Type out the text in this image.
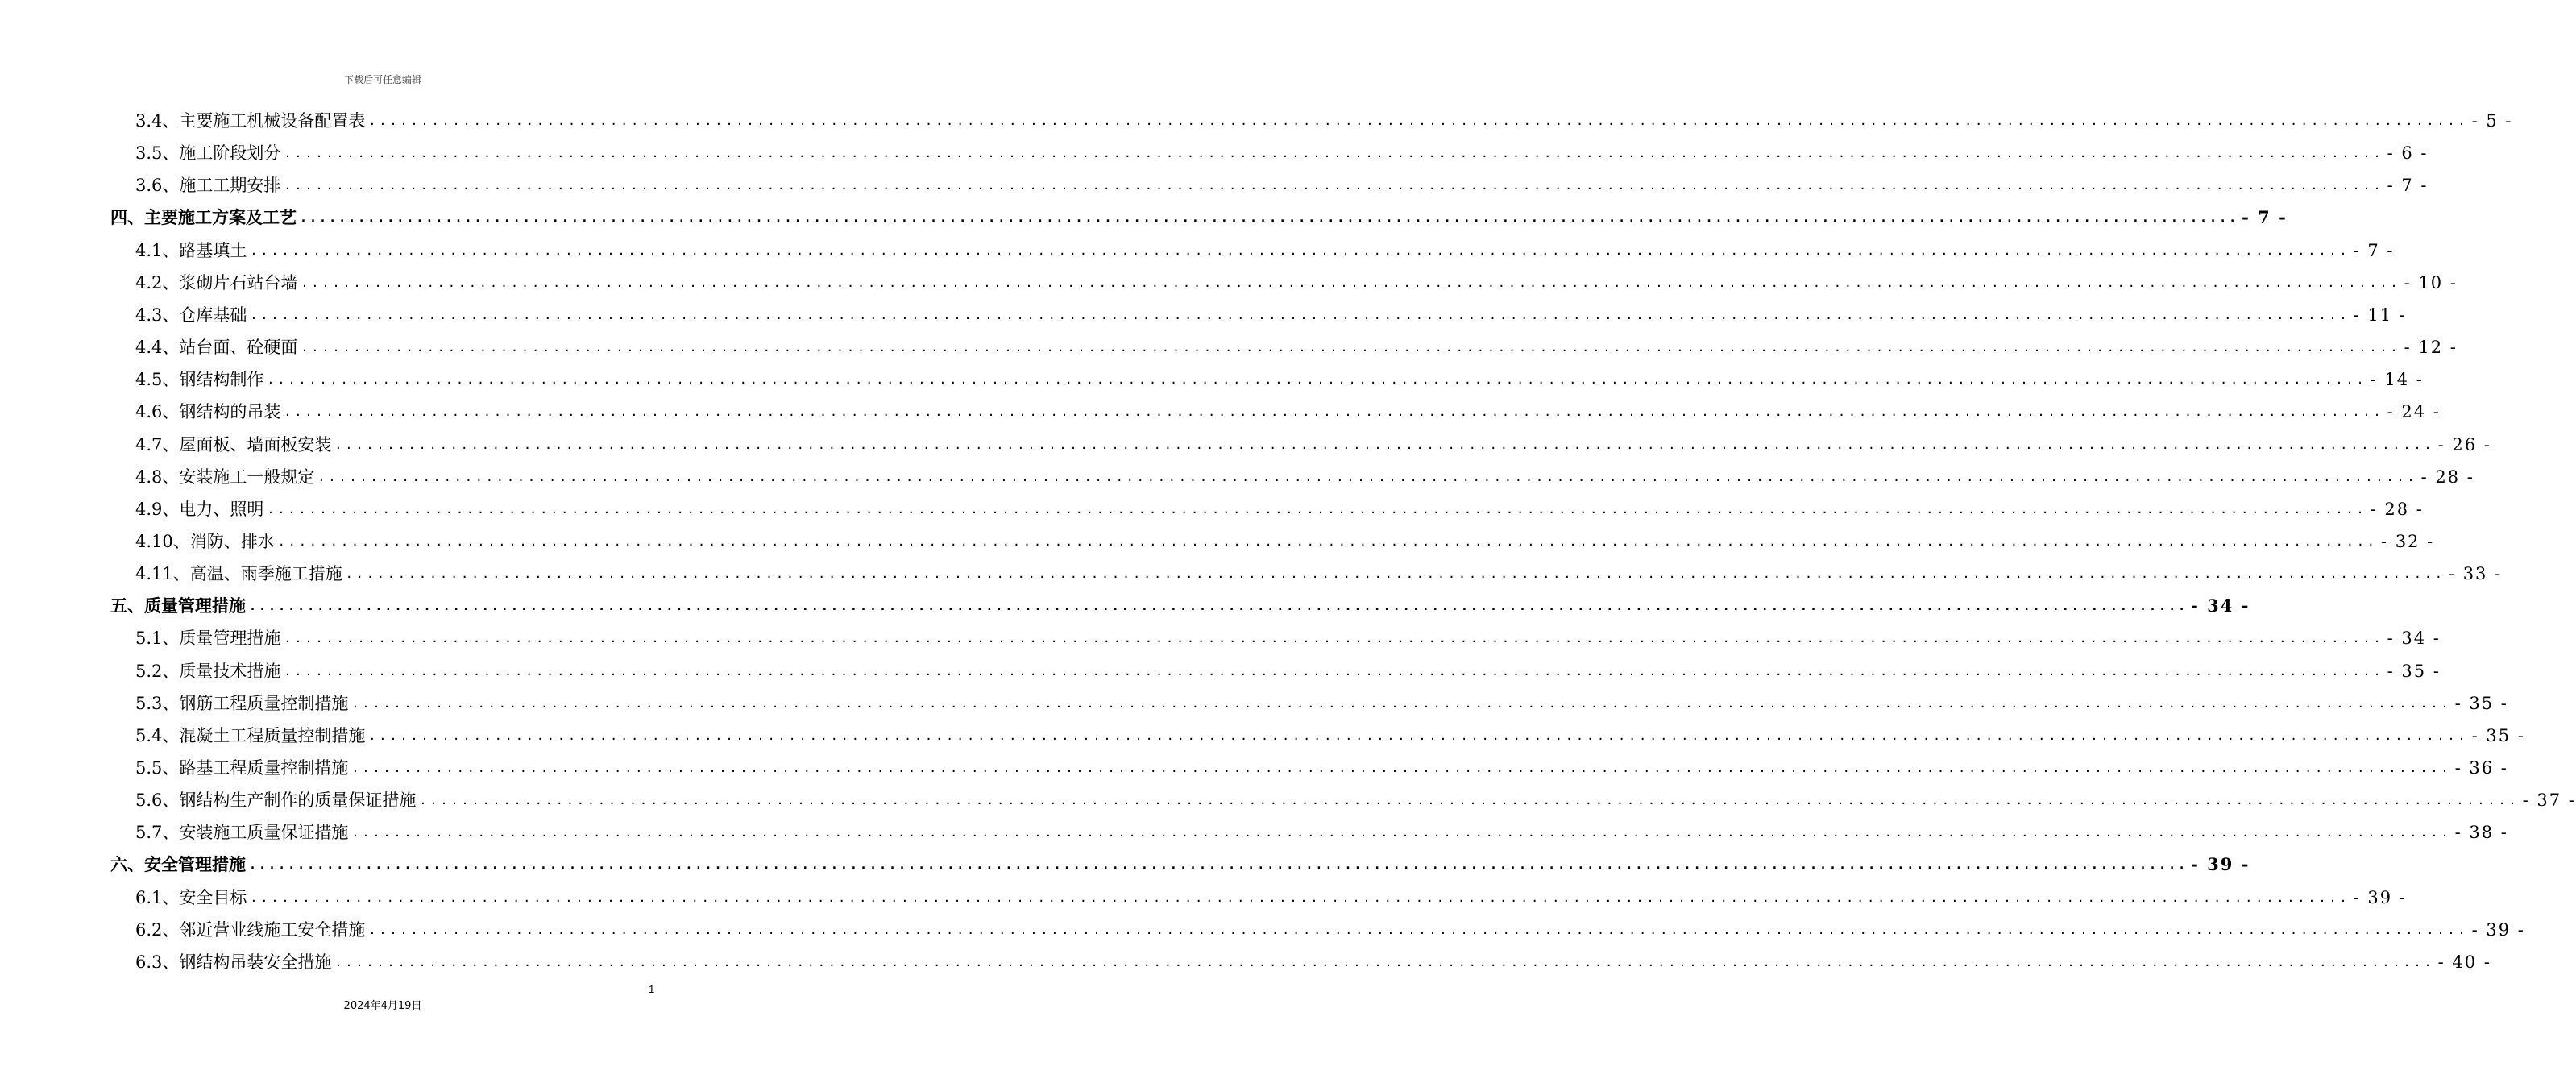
下载后可任意编辑
3.4、主要施工机械设备配置表 ........................................................................................................................................................................................................ - 5 -
3.5、施工阶段划分 ........................................................................................................................................................................................................ - 6 -
3.6、施工工期安排 ........................................................................................................................................................................................................ - 7 -
四、主要施工方案及工艺 ........................................................................................................................................................................................................ - 7 -
4.1、路基填土 ........................................................................................................................................................................................................ - 7 -
4.2、浆砌片石站台墙 ........................................................................................................................................................................................................ - 10 -
4.3、仓库基础 ........................................................................................................................................................................................................ - 11 -
4.4、站台面、砼硬面 ........................................................................................................................................................................................................ - 12 -
4.5、钢结构制作 ........................................................................................................................................................................................................ - 14 -
4.6、钢结构的吊装 ........................................................................................................................................................................................................ - 24 -
4.7、屋面板、墙面板安装 ........................................................................................................................................................................................................ - 26 -
4.8、安装施工一般规定 ........................................................................................................................................................................................................ - 28 -
4.9、电力、照明 ........................................................................................................................................................................................................ - 28 -
4.10、消防、排水 ........................................................................................................................................................................................................ - 32 -
4.11、高温、雨季施工措施 ........................................................................................................................................................................................................ - 33 -
五、质量管理措施 ........................................................................................................................................................................................................ - 34 -
5.1、质量管理措施 ........................................................................................................................................................................................................ - 34 -
5.2、质量技术措施 ........................................................................................................................................................................................................ - 35 -
5.3、钢筋工程质量控制措施 ........................................................................................................................................................................................................ - 35 -
5.4、混凝土工程质量控制措施 ........................................................................................................................................................................................................ - 35 -
5.5、路基工程质量控制措施 ........................................................................................................................................................................................................ - 36 -
5.6、钢结构生产制作的质量保证措施 ........................................................................................................................................................................................................ - 37 -
5.7、安装施工质量保证措施 ........................................................................................................................................................................................................ - 38 -
六、安全管理措施 ........................................................................................................................................................................................................ - 39 -
6.1、安全目标 ........................................................................................................................................................................................................ - 39 -
6.2、邻近营业线施工安全措施 ........................................................................................................................................................................................................ - 39 -
6.3、钢结构吊装安全措施 ........................................................................................................................................................................................................ - 40 -
1
2024年4月19日
